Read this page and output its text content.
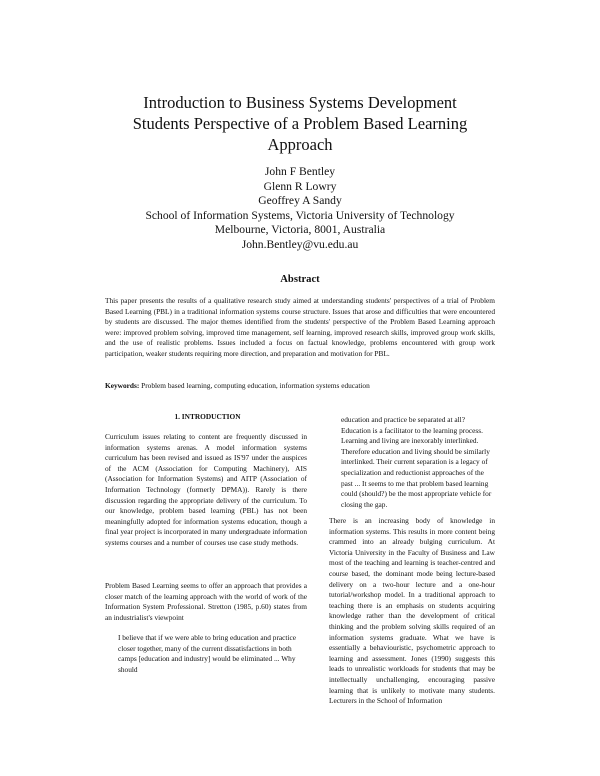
Introduction to Business Systems Development
Students Perspective of a Problem Based Learning
Approach
John F Bentley
Glenn R Lowry
Geoffrey A Sandy
School of Information Systems, Victoria University of Technology
Melbourne, Victoria, 8001, Australia
John.Bentley@vu.edu.au
Abstract
This paper presents the results of a qualitative research study aimed at understanding students' perspectives of a trial of Problem Based Learning (PBL) in a traditional information systems course structure. Issues that arose and difficulties that were encountered by students are discussed. The major themes identified from the students' perspective of the Problem Based Learning approach were: improved problem solving, improved time management, self learning, improved research skills, improved group work skills, and the use of realistic problems. Issues included a focus on factual knowledge, problems encountered with group work participation, weaker students requiring more direction, and preparation and motivation for PBL.
Keywords: Problem based learning, computing education, information systems education
1. INTRODUCTION
Curriculum issues relating to content are frequently discussed in information systems arenas. A model information systems curriculum has been revised and issued as IS'97 under the auspices of the ACM (Association for Computing Machinery), AIS (Association for Information Systems) and AITP (Association of Information Technology (formerly DPMA)). Rarely is there discussion regarding the appropriate delivery of the curriculum. To our knowledge, problem based learning (PBL) has not been meaningfully adopted for information systems education, though a final year project is incorporated in many undergraduate information systems courses and a number of courses use case study methods.
Problem Based Learning seems to offer an approach that provides a closer match of the learning approach with the world of work of the Information System Professional. Stretton (1985, p.60) states from an industrialist's viewpoint
I believe that if we were able to bring education and practice closer together, many of the current dissatisfactions in both camps [education and industry] would be eliminated ... Why should
education and practice be separated at all? Education is a facilitator to the learning process. Learning and living are inexorably interlinked. Therefore education and living should be similarly interlinked. Their current separation is a legacy of specialization and reductionist approaches of the past ... It seems to me that problem based learning could (should?) be the most appropriate vehicle for closing the gap.
There is an increasing body of knowledge in information systems. This results in more content being crammed into an already bulging curriculum. At Victoria University in the Faculty of Business and Law most of the teaching and learning is teacher-centred and course based, the dominant mode being lecture-based delivery on a two-hour lecture and a one-hour tutorial/workshop model. In a traditional approach to teaching there is an emphasis on students acquiring knowledge rather than the development of critical thinking and the problem solving skills required of an information systems graduate. What we have is essentially a behaviouristic, psychometric approach to learning and assessment. Jones (1990) suggests this leads to unrealistic workloads for students that may be intellectually unchallenging, encouraging passive learning that is unlikely to motivate many students. Lecturers in the School of Information
